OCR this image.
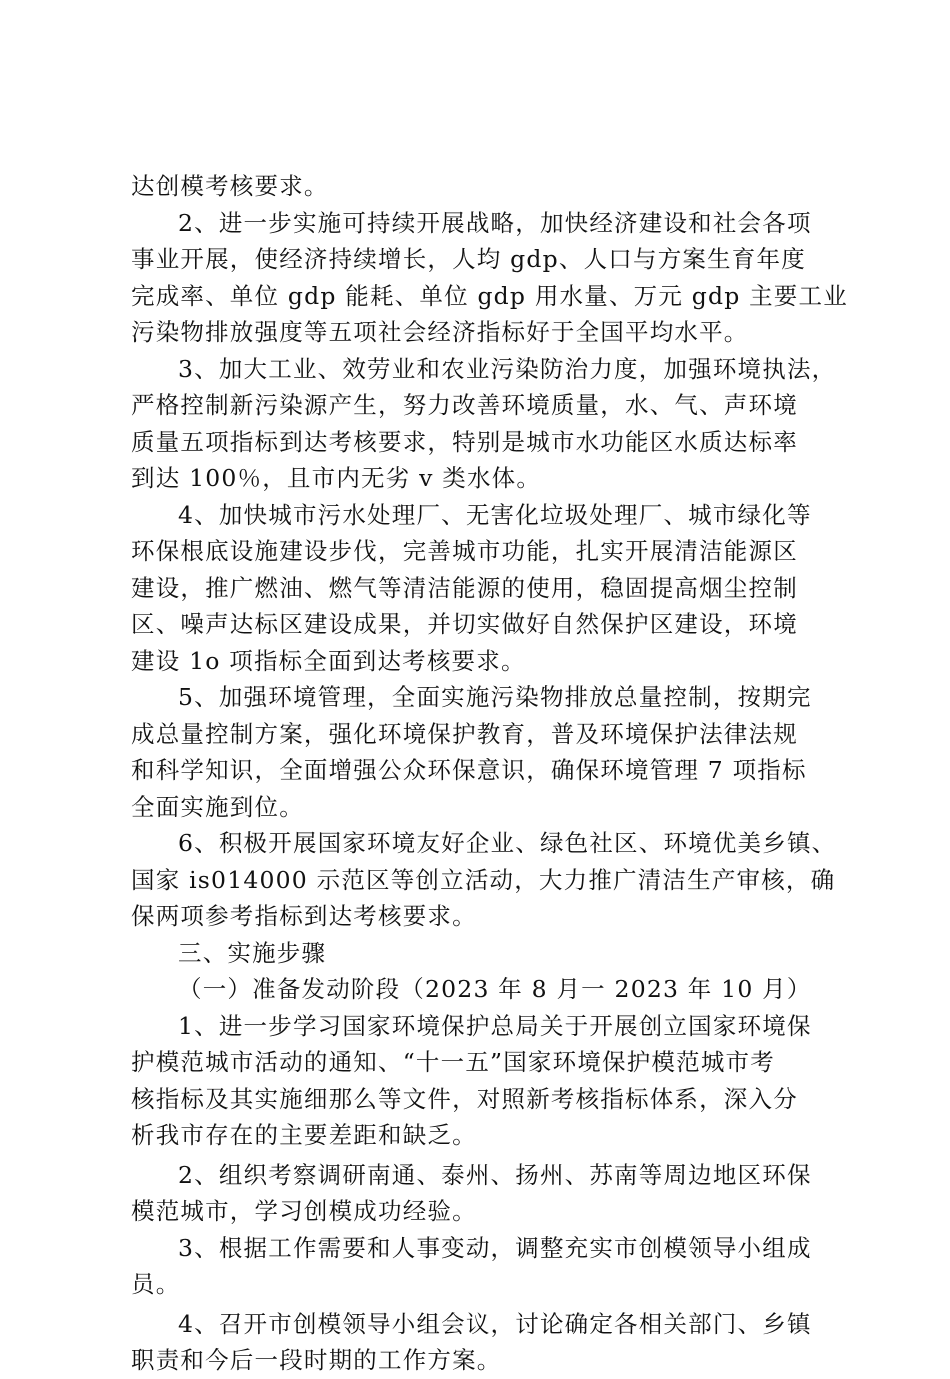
达创模考核要求。
2、进一步实施可持续开展战略，加快经济建设和社会各项
事业开展，使经济持续增长，人均 gdp、人口与方案生育年度
完成率、单位 gdp 能耗、单位 gdp 用水量、万元 gdp 主要工业
污染物排放强度等五项社会经济指标好于全国平均水平。
3、加大工业、效劳业和农业污染防治力度，加强环境执法，
严格控制新污染源产生，努力改善环境质量，水、气、声环境
质量五项指标到达考核要求，特别是城市水功能区水质达标率
到达 100％，且市内无劣 v 类水体。
4、加快城市污水处理厂、无害化垃圾处理厂、城市绿化等
环保根底设施建设步伐，完善城市功能，扎实开展清洁能源区
建设，推广燃油、燃气等清洁能源的使用，稳固提高烟尘控制
区、噪声达标区建设成果，并切实做好自然保护区建设，环境
建设 1o 项指标全面到达考核要求。
5、加强环境管理，全面实施污染物排放总量控制，按期完
成总量控制方案，强化环境保护教育，普及环境保护法律法规
和科学知识，全面增强公众环保意识，确保环境管理 7 项指标
全面实施到位。
6、积极开展国家环境友好企业、绿色社区、环境优美乡镇、
国家 is014000 示范区等创立活动，大力推广清洁生产审核，确
保两项参考指标到达考核要求。
三、实施步骤
（一）准备发动阶段（2023 年 8 月一 2023 年 10 月）
1、进一步学习国家环境保护总局关于开展创立国家环境保
护模范城市活动的通知、“十一五”国家环境保护模范城市考
核指标及其实施细那么等文件，对照新考核指标体系，深入分
析我市存在的主要差距和缺乏。
2、组织考察调研南通、泰州、扬州、苏南等周边地区环保
模范城市，学习创模成功经验。
3、根据工作需要和人事变动，调整充实市创模领导小组成
员。
4、召开市创模领导小组会议，讨论确定各相关部门、乡镇
职责和今后一段时期的工作方案。
